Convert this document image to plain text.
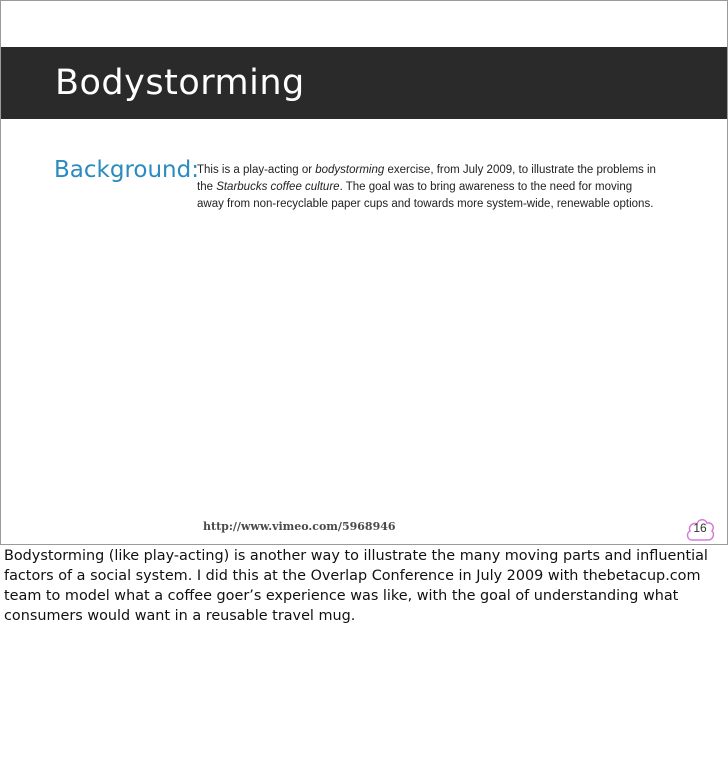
Bodystorming
Background:
This is a play-acting or bodystorming exercise, from July 2009, to illustrate the problems in the Starbucks coffee culture. The goal was to bring awareness to the need for moving away from non-recyclable paper cups and towards more system-wide, renewable options.
http://www.vimeo.com/5968946	16
Bodystorming (like play-acting) is another way to illustrate the many moving parts and influential factors of a social system. I did this at the Overlap Conference in July 2009 with thebetacup.com team to model what a coffee goer’s experience was like, with the goal of understanding what consumers would want in a reusable travel mug.
